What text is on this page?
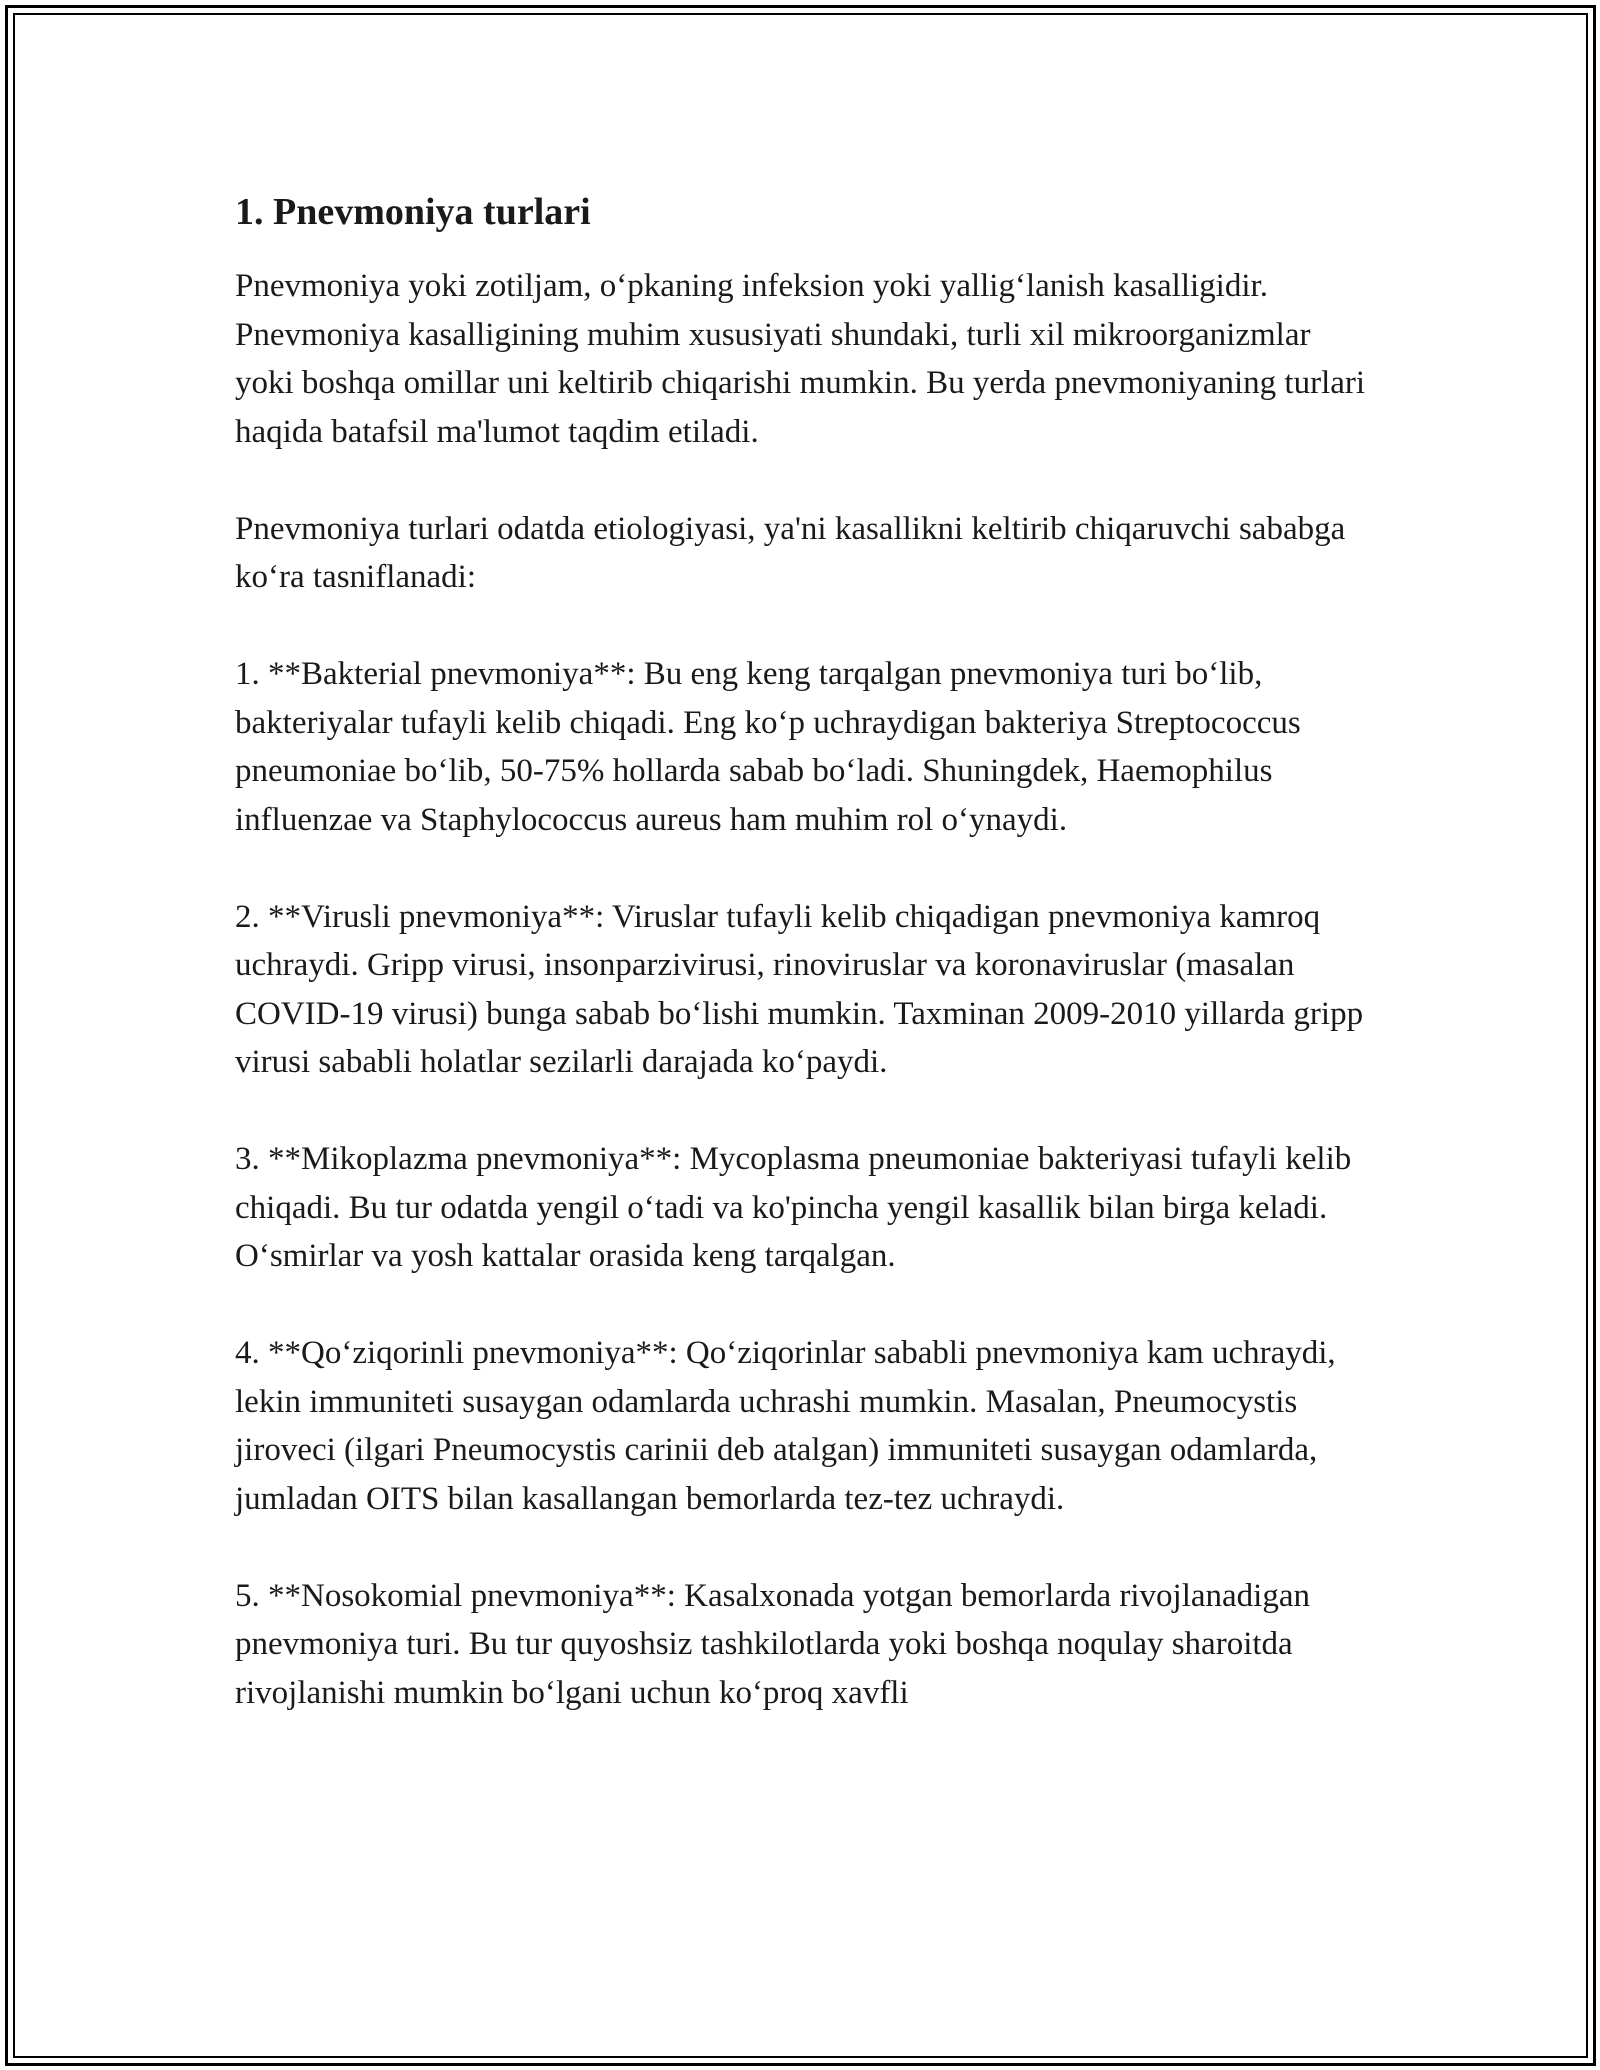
1. Pnevmoniya turlari

Pnevmoniya yoki zotiljam, o‘pkaning infeksion yoki yallig‘lanish kasalligidir. Pnevmoniya kasalligining muhim xususiyati shundaki, turli xil mikroorganizmlar yoki boshqa omillar uni keltirib chiqarishi mumkin. Bu yerda pnevmoniyaning turlari haqida batafsil ma'lumot taqdim etiladi.

Pnevmoniya turlari odatda etiologiyasi, ya'ni kasallikni keltirib chiqaruvchi sababga ko‘ra tasniflanadi:

1. **Bakterial pnevmoniya**: Bu eng keng tarqalgan pnevmoniya turi bo‘lib, bakteriyalar tufayli kelib chiqadi. Eng ko‘p uchraydigan bakteriya Streptococcus pneumoniae bo‘lib, 50-75% hollarda sabab bo‘ladi. Shuningdek, Haemophilus influenzae va Staphylococcus aureus ham muhim rol o‘ynaydi.

2. **Virusli pnevmoniya**: Viruslar tufayli kelib chiqadigan pnevmoniya kamroq uchraydi. Gripp virusi, insonparzivirusi, rinoviruslar va koronaviruslar (masalan COVID-19 virusi) bunga sabab bo‘lishi mumkin. Taxminan 2009-2010 yillarda gripp virusi sababli holatlar sezilarli darajada ko‘paydi.

3. **Mikoplazma pnevmoniya**: Mycoplasma pneumoniae bakteriyasi tufayli kelib chiqadi. Bu tur odatda yengil o‘tadi va ko'pincha yengil kasallik bilan birga keladi. O‘smirlar va yosh kattalar orasida keng tarqalgan.

4. **Qo‘ziqorinli pnevmoniya**: Qo‘ziqorinlar sababli pnevmoniya kam uchraydi, lekin immuniteti susaygan odamlarda uchrashi mumkin. Masalan, Pneumocystis jiroveci (ilgari Pneumocystis carinii deb atalgan) immuniteti susaygan odamlarda, jumladan OITS bilan kasallangan bemorlarda tez-tez uchraydi.

5. **Nosokomial pnevmoniya**: Kasalxonada yotgan bemorlarda rivojlanadigan pnevmoniya turi. Bu tur quyoshsiz tashkilotlarda yoki boshqa noqulay sharoitda rivojlanishi mumkin bo‘lgani uchun ko‘proq xavfli
